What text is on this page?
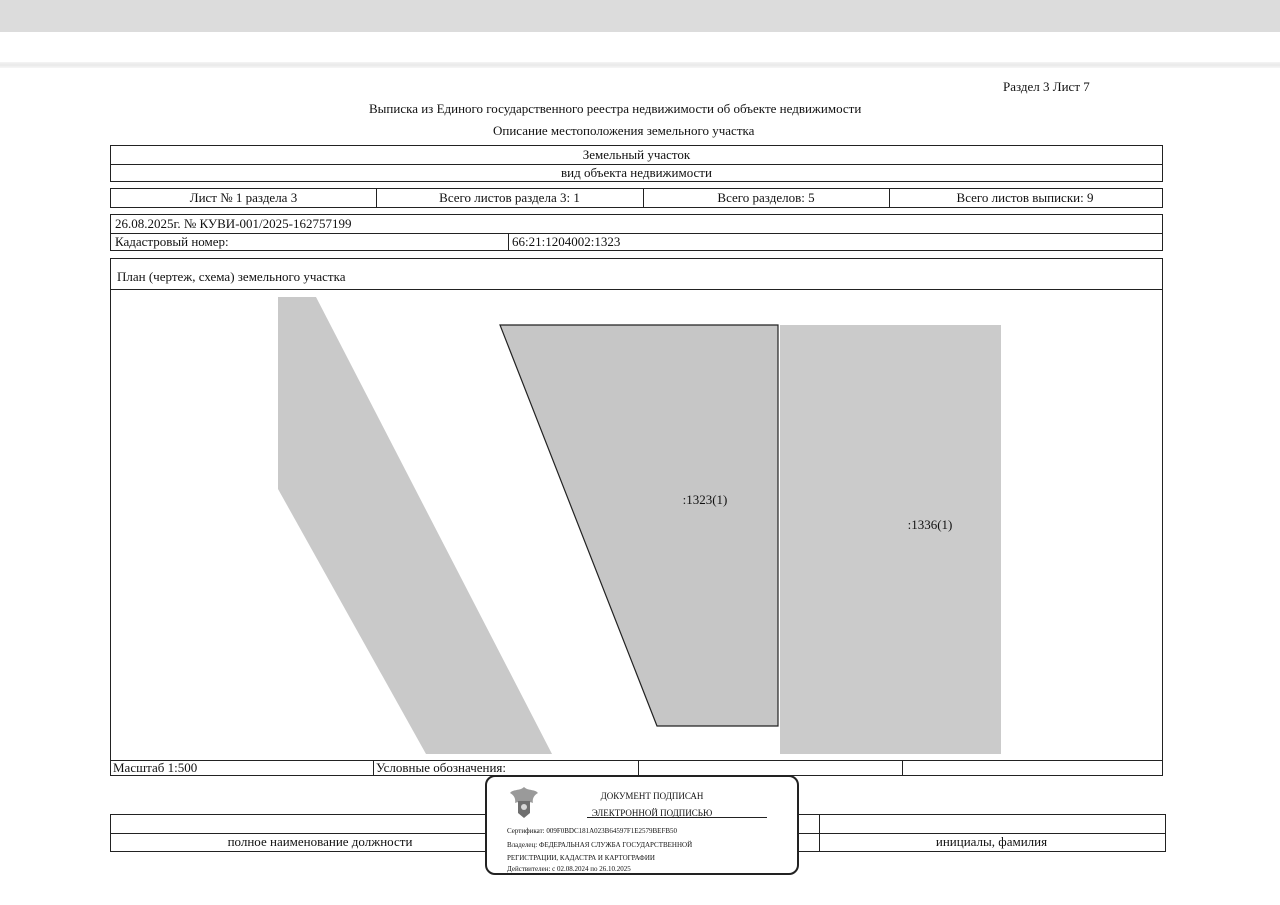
Раздел 3 Лист 7
Выписка из Единого государственного реестра недвижимости об объекте недвижимости
Описание местоположения земельного участка
Земельный участок
вид объекта недвижимости
Лист № 1 раздела 3	Всего листов раздела 3: 1	Всего разделов: 5	Всего листов выписки: 9
26.08.2025г. № КУВИ-001/2025-162757199
Кадастровый номер:	66:21:1204002:1323
План (чертеж, схема) земельного участка
:1323(1)
:1336(1)
Масштаб 1:500	Условные обозначения:
полное наименование должности	инициалы, фамилия
ДОКУМЕНТ ПОДПИСАН
ЭЛЕКТРОННОЙ ПОДПИСЬЮ
Сертификат: 009F0BDC181A023B64597F1E2579BEFB50
Владелец: ФЕДЕРАЛЬНАЯ СЛУЖБА ГОСУДАРСТВЕННОЙ
РЕГИСТРАЦИИ, КАДАСТРА И КАРТОГРАФИИ
Действителен: с 02.08.2024 по 26.10.2025
